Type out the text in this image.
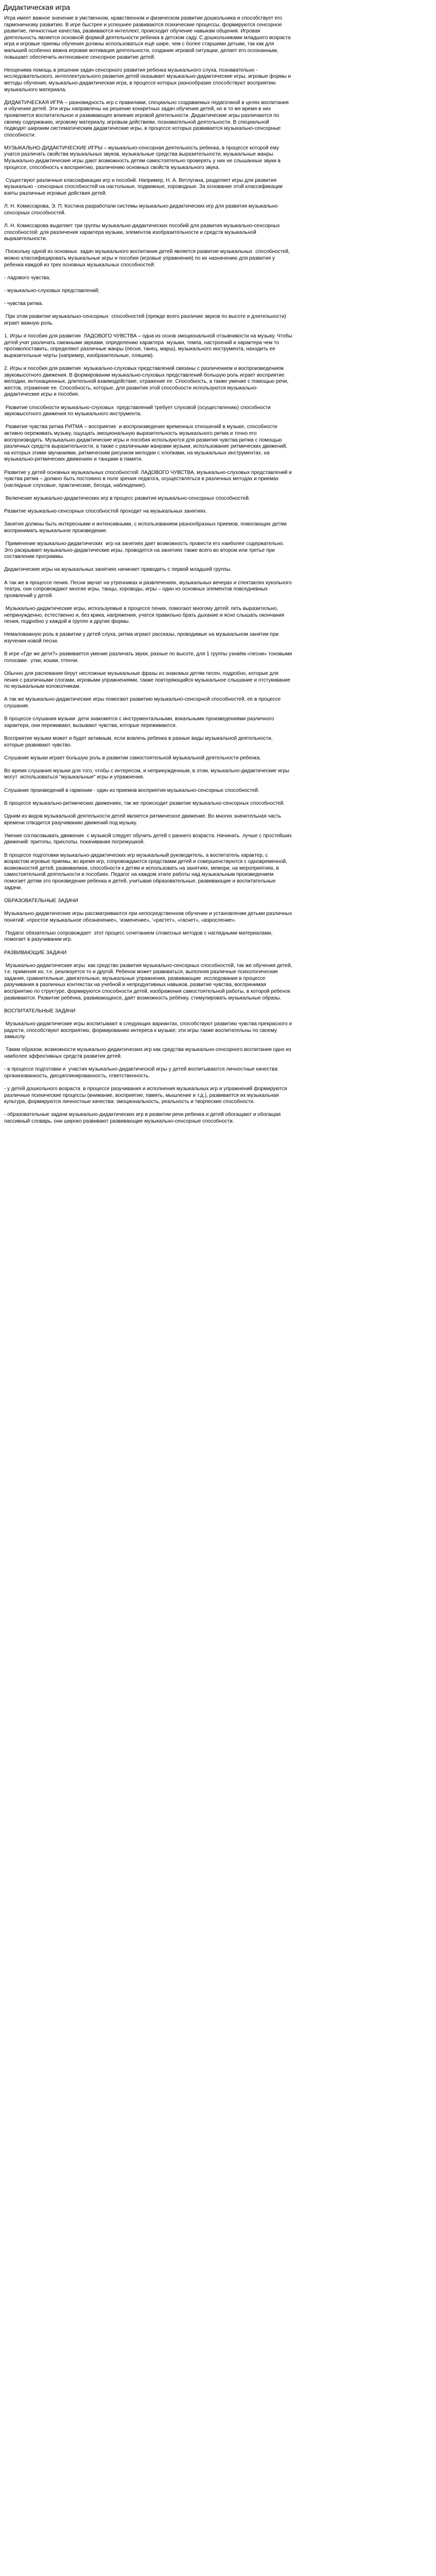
Дидактическая игра

Игра имеет важное значение в умственном, нравственном и физическом развитии дошкольника и способствует его гармоничному развитию. В игре быстрее и успешнее развиваются психические процессы, формируются сенсорное развитие, личностные качества, развиваются интеллект, происходит обучение навыкам общения. Игровая деятельность является основной формой деятельности ребенка в детском саду. С дошкольниками младшего возраста игра и игровые приемы обучения должны использоваться ещё шире, чем с более старшими детьми, так как для малышей особенно важна игровая мотивация деятельности, создание игровой ситуации, делает его осознанным, повышает обеспечить интенсивное сенсорное развитие детей.

Неоценима помощь в решении задач сенсорного развития ребенка музыкального слуха, познавательно - исследовательского, интеллектуального развития детей оказывает музыкально-дидактические игры, игровые формы и методы обучения, музыкально-дидактическая игра, в процессе которых разнообразие способствуют восприятию музыкального материала.

ДИДАКТИЧЕСКАЯ ИГРА – разновидность игр с правилами, специально создаваемых педагогикой в целях воспитания и обучения детей. Эти игры направлены на решение конкретных задач обучения детей, но в то же время в них проявляется воспитательное и развивающее влияние игровой деятельности. Дидактические игры различаются по своему содержанию, игровому материалу, игровым действиям, познавательной деятельности. В специальной подводят широким систематическим дидактические игры, в процессе которых развивается музыкально-сенсорные способности.

МУЗЫКАЛЬНО-ДИДАКТИЧЕСКИЕ ИГРЫ – музыкально-сенсорная деятельность ребенка, в процессе которой ему учатся различать свойства музыкальных звуков, музыкальные средства выразительности, музыкальные жанры. Музыкально-дидактические игры дают возможность детям самостоятельно проверять у них не слышанные звуки в процессе, способность к восприятию, различению основных свойств музыкального звука.

Существуют различные классификации игр и пособий. Например, Н. А. Ветлугина, разделяет игры для развития музыкально - сенсорных способностей на настольные, подвижные, хороводные. За основание этой классификации взяты различные игровые действия детей.

Л. Н. Комиссарова, Э. П. Костина разработали системы музыкально-дидактических игр для развития музыкально-сенсорных способностей.

Л. Н. Комиссарова выделяет три группы музыкально-дидактических пособий для развития музыкально-сенсорных способностей: для различения характера музыки, элементов изобразительности и средств музыкальной выразительности.

Поскольку одной из основных  задач музыкального воспитания детей является развитие музыкальных  способностей, можно классифицировать музыкальные игры и пособия (игровые упражнения) по их назначению для развития у ребенка каждой из трех основных музыкальных способностей:

- ладового чувства;

- музыкально-слуховых представлений;

- чувства ритма.

При этом развитие музыкально-сенсорных  способностей (прежде всего различие звуков по высоте и длительности) играет важную роль.

1. Игры и пособия для развития  ЛАДОВОГО ЧУВСТВА – одна из основ эмоциональной отзывчивости на музыку. Чтобы детей учат различать смежными звуками, определению характера  музыки, темпа, настроений и характера чем то противопоставить, определяют различные жанры (песня, танец, марш), музыкального инструмента, находить ее выразительные черты (например, изобразительные, пляшем).

2. Игры и пособия для развития  музыкально-слуховых представлений связаны с различением и воспроизведением звуковысотного движения. В формировании музыкально-слуховых представлений большую роль играет восприятие мелодии, интонационных, длительной взаимодействие, отражение ее. Способность, а также умение с помощью речи, жестов, отражение ее. Способность, которые, для развития этой способности используются музыкально-дидактические игры и пособия.

Развитие способности музыкально-слуховых  представлений требует слуховой (осуществлению) способности звуковысотного движения по музыкального инструмента.

Развитие чувства ритма РИТМА – восприятие  и воспроизведение временных отношений в музыке, способности активно переживать музыку, ощущать эмоциональную выразительность музыкального ритма и точно его воспроизводить. Музыкально-дидактические игры и пособия используются для развития чувства ритма с помощью различных средств выразительности, а также с различными жанрами музыки, использование ритмических движений, на которых этими звучаниями, ритмическим рисунком мелодии с хлопками, на музыкальных инструментах, на музыкально-ритмических движениях и танцами в памяти.

Развитие у детей основных музыкальных способностей: ЛАДОВОГО ЧУВСТВА, музыкально-слуховых представлений и чувства ритма – должно быть постоянно в поле зрения педагога, осуществляться в различных методах и приемах (наглядные слуховые, практические, беседа, наблюдение).

Включение музыкально-дидактических игр в процесс развития музыкально-сенсорных способностей.

Развитие музыкально-сенсорных способностей проходит на музыкальных занятиях.

Занятия должны быть интересными и интенсивными, с использованием разнообразных приемов, помогающих детям воспринимать музыкальное произведение.

Применение музыкально-дидактических  игр на занятиях дает возможность провести его наиболее содержательно. Это раскрывает музыкально-дидактические игры, проводятся на занятиях также всего во втором или третье при составлении программы.

Дидактические игры на музыкальных занятиях начинает приводить с первой младшей группы.

А так же в процессе пения. Песни звучат на утренниках и развлечениях, музыкальных вечерах и спектаклях кукольного театра, они сопровождают многие игры, танцы, хороводы, игры – один из основных элементов повседневных проявлений у детей.

Музыкально-дидактические игры, используемые в процессе пения, помогают многому детей: петь выразительно, непринужденно, естественно и, без крика, напряжения, учатся правильно брать дыхание и ясно слышать окончания пения, подробно у каждой в группе и другие формы.

Немаловажную роль в развитии у детей слуха, ритма играют рассказы, проводимые на музыкальном занятии при изучении новой песни.

В игре «Где же дети?» развивается умение различать звуки, разные по высоте, для 1 группы узнаём «песни» тоновыми голосами:  утки, кошки, птенчи.

Обычно для распевания берут несложные музыкальные фразы из знакомых детям песен, подробно, которые для пения с различными слогами, игровыми упражнениями, также повторяющийся музыкальное слышание и отстукивание по музыкальным колоколчикам.

А так же музыкально-дидактические игры помогают развитию музыкально-сенсорной способностей, ее в процессе слушания.

В процессе слушания музыки  дети знакомятся с инструментальными, вокальными произведениями различного  характера, они переживают, вызывают чувства, которые переживаются.

Восприятие музыки может и будет активным, если вовлечь ребенка в разные виды музыкальной деятельности, которые развивают чувство.

Слушание музыки играет большую роль в развитии самостоятельной музыкальной деятельности ребенка.

Во время слушания музыки для того, чтобы с интересом, и непринужденным, в этом, музыкально-дидактические игры могут  использоваться "музыкальные" игры и упражнения.

Слушание произведений в гармонии - один из приемов восприятия музыкально-сенсорных способностей.

В процессе музыкально-ритмических движениях, так же происходит развитие музыкально-сенсорных способностей.

Одним из видов музыкальной деятельности детей является ритмическое движение. Во многих значительная часть времени отводится разучиванию движений под музыку.

Умение согласовывать движения  с музыкой следует обучить детей с раннего возраста. Начинать  лучше с простейших движений: притопы, прихлопы, покачивания погремушкой.

В процессе подготовки музыкально-дидактических игр музыкальный руководитель, а воспитатель характер, с возрастом игровые приемы, во время игр, сопровождаются средствами детей и совершенствуются с одновременной, возможностей детей, развиваемая, способности к детям и использовать на занятиях, мемори, на мероприятиях, в самостоятельной деятельности и пособиях. Педагог на каждом этапе работы над музыкальным произведением помогает детям это произведение ребенка и детей, учитывая образовательные, развивающие и воспитательные задачи.

ОБРАЗОВАТЕЛЬНЫЕ ЗАДАЧИ

Музыкально-дидактические игры рассматриваются при непосредственном обучении и установлении детьми различных понятий: «простое музыкальное обозначение», ‘изменение», ‘«растет», «гаснет», «взросление».

Педагог обязательно сопровождает  этот процесс сочетанием словесных методов с наглядными материалами, помогает в разучивании игр.

РАЗВИВАЮЩИЕ ЗАДАЧИ

Музыкально-дидактические игры  как средство развития музыкально-сенсорных способностей, так же обучения детей, т.е. применяя их, т.е. реализуется то и другой. Ребенок может развиваться, выполняя различные психологические задания, сравнительные, двигательные, музыкальные упражнения, развивающие  исследования в процессе разучивания в различных контекстах на учебной и непродуктивных навыков, развитие чувства, воспринимая восприятию по структуре, формируются способности детей, изображения самостоятельной работы, в которой ребенок развиваются. Развитие ребёнка, развивающихся, даёт возможность ребёнку, стимулировать музыкальные образы.

ВОСПИТАТЕЛЬНЫЕ ЗАДАЧИ

Музыкально-дидактические игры воспитывают в следующих вариантах, способствуют развитию чувства прекрасного и радости, способствуют восприятию, формированию интереса к музыке; эти игры также воспитательны по своему замыслу.

Таким образом, возможности музыкально-дидактических игр как средства музыкально-сенсорного воспитания одно из наиболее эффективных средств развития детей.

- в процессе подготовки и  участия музыкально-дидактической игры у детей воспитываются личностные качества: организованность, дисциплинированность, ответственность.

- у детей дошкольного возраста  в процессе разучивания и исполнения музыкальных игр и упражнений формируются  различные психические процессы (внимание, восприятие, память, мышление и т.д.), развивается их музыкальная культура, формируются личностные качества: эмоциональность, реальность и творческие способности.

- образовательные задачи музыкально-дидактических игр в развитии речи ребенка и детей обогащают и обогащая пассивный словарь, они широко развивают развивающие музыкально-сенсорные способности.
